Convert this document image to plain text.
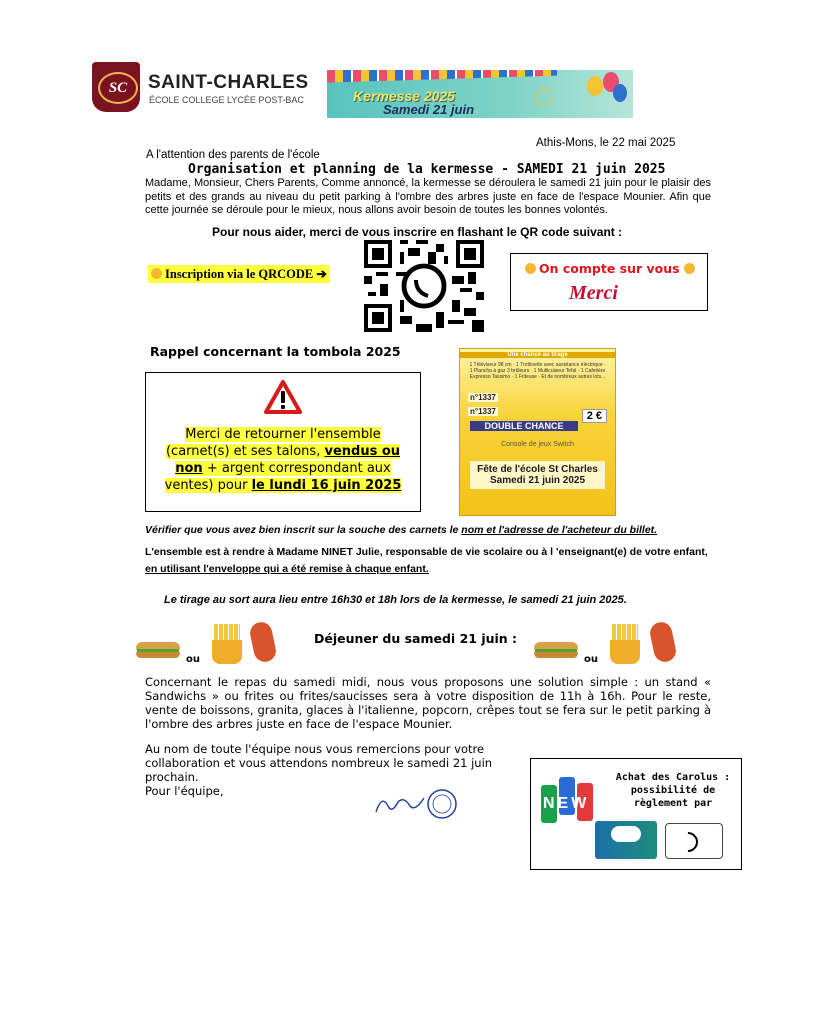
SC	SAINT-CHARLES
ÉCOLE COLLEGE LYCÉE POST-BAC	Kermesse 2025
Samedi 21 juin
Athis-Mons, le 22 mai 2025
A l'attention des parents de l'école
Organisation et planning de la kermesse - SAMEDI 21 juin 2025
Madame, Monsieur, Chers Parents, Comme annoncé, la kermesse se déroulera le samedi 21 juin pour le plaisir des petits et des grands au niveau du petit parking à l'ombre des arbres juste en face de l'espace Mounier. Afin que cette journée se déroule pour le mieux, nous allons avoir besoin de toutes les bonnes volontés.
Pour nous aider, merci de vous inscrire en flashant le QR code suivant :
Inscription via le QRCODE ➔	On compte sur vous
Merci
Rappel concernant la tombola 2025
Merci de retourner l'ensemble (carnet(s) et ses talons, vendus ou non + argent correspondant aux ventes) pour le lundi 16 juin 2025
Une chance au tirage
1 Téléviseur 98 cm · 1 Trottinette avec assistance électrique · 1 Plancha à gaz 3 brûleurs · 1 Multicuiseur Tefal · 1 Cafetière Expresso Tassimo · 1 Friteuse · Et de nombreux autres lots...
n°1337
n°1337	2 €
DOUBLE CHANCE
Console de jeux Switch
Fête de l'école St Charles Samedi 21 juin 2025
Vérifier que vous avez bien inscrit sur la souche des carnets le nom et l'adresse de l'acheteur du billet.
L'ensemble est à rendre à Madame NINET Julie, responsable de vie scolaire ou à l 'enseignant(e) de votre enfant, en utilisant l'enveloppe qui a été remise à chaque enfant.
Le tirage au sort aura lieu entre 16h30 et 18h lors de la kermesse, le samedi 21 juin 2025.
ou
Déjeuner du samedi 21 juin :
ou
Concernant le repas du samedi midi, nous vous proposons une solution simple : un stand « Sandwichs » ou frites ou frites/saucisses sera à votre disposition de 11h à 16h. Pour le reste, vente de boissons, granita, glaces à l'italienne, popcorn, crêpes tout se fera sur le petit parking à l'ombre des arbres juste en face de l'espace Mounier.
Au nom de toute l'équipe nous vous remercions pour votre collaboration et vous attendons nombreux le samedi 21 juin prochain.
Pour l'équipe,
NEW
Achat des Carolus : possibilité de règlement par
